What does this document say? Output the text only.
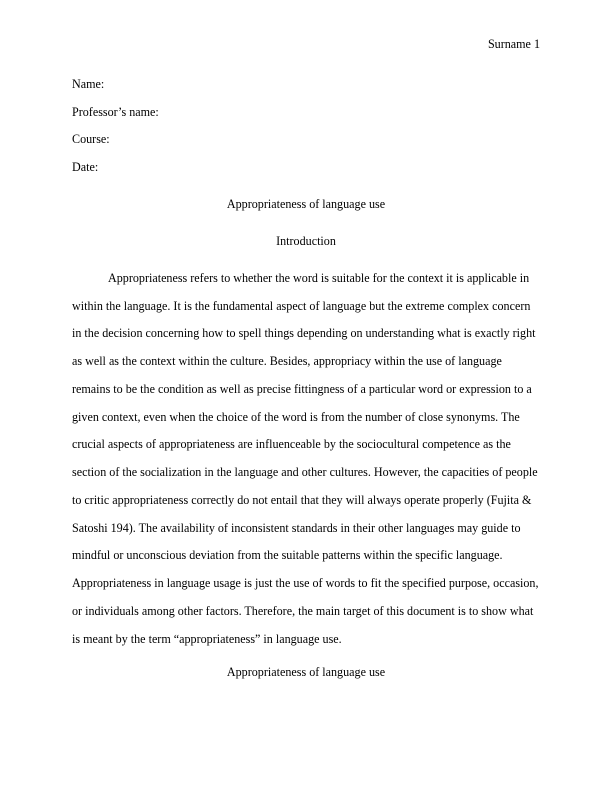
Surname 1

Name:

Professor’s name:

Course:

Date:

Appropriateness of language use

Introduction

Appropriateness refers to whether the word is suitable for the context it is applicable in within the language. It is the fundamental aspect of language but the extreme complex concern in the decision concerning how to spell things depending on understanding what is exactly right as well as the context within the culture. Besides, appropriacy within the use of language remains to be the condition as well as precise fittingness of a particular word or expression to a given context, even when the choice of the word is from the number of close synonyms. The crucial aspects of appropriateness are influenceable by the sociocultural competence as the section of the socialization in the language and other cultures. However, the capacities of people to critic appropriateness correctly do not entail that they will always operate properly (Fujita & Satoshi 194). The availability of inconsistent standards in their other languages may guide to mindful or unconscious deviation from the suitable patterns within the specific language. Appropriateness in language usage is just the use of words to fit the specified purpose, occasion, or individuals among other factors. Therefore, the main target of this document is to show what is meant by the term “appropriateness” in language use.

Appropriateness of language use
